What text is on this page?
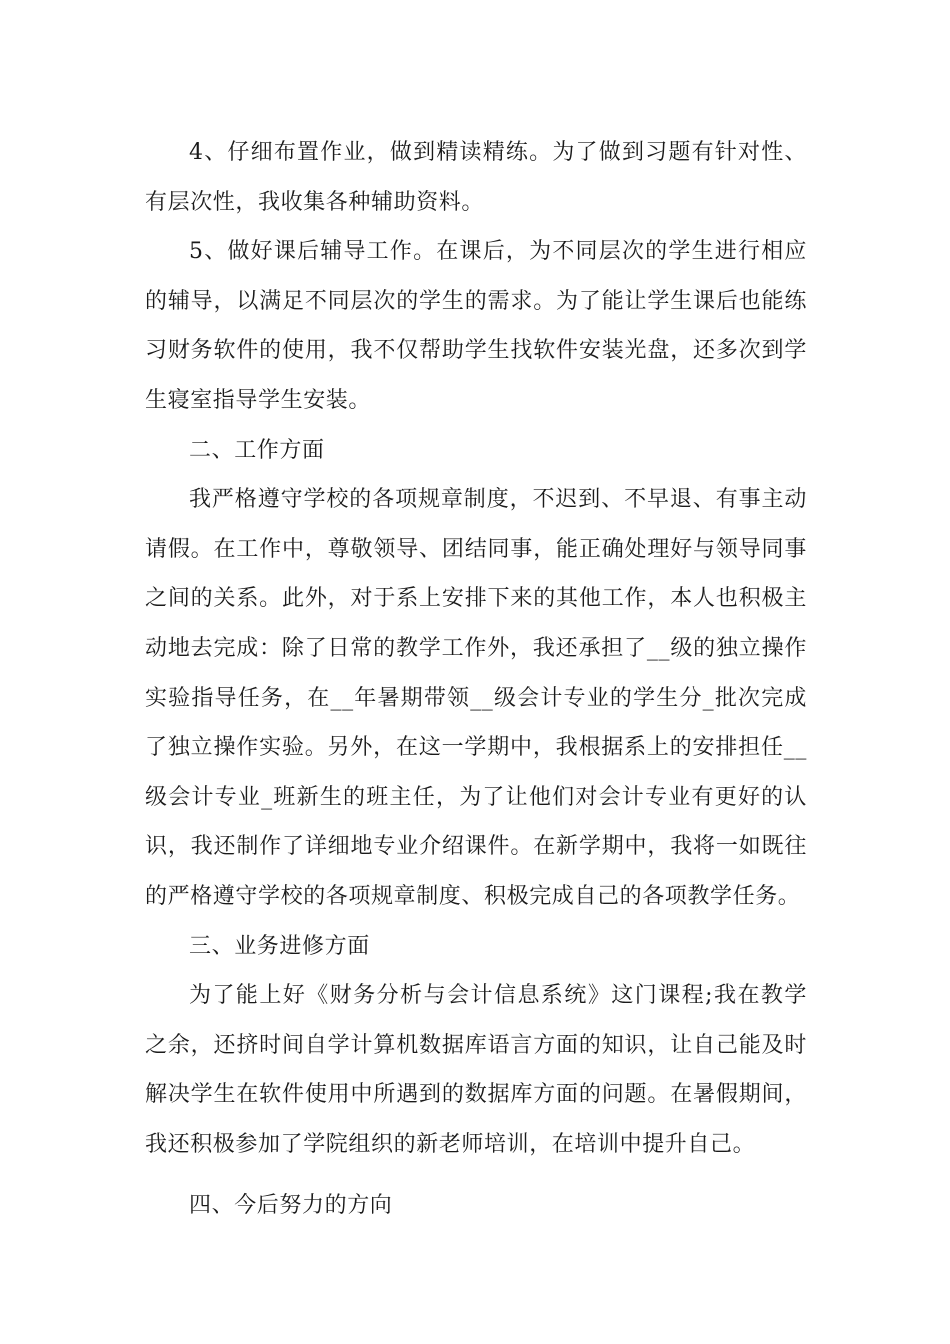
4、仔细布置作业，做到精读精练。为了做到习题有针对性、有层次性，我收集各种辅助资料。

5、做好课后辅导工作。在课后，为不同层次的学生进行相应的辅导，以满足不同层次的学生的需求。为了能让学生课后也能练习财务软件的使用，我不仅帮助学生找软件安装光盘，还多次到学生寝室指导学生安装。

二、工作方面

我严格遵守学校的各项规章制度，不迟到、不早退、有事主动请假。在工作中，尊敬领导、团结同事，能正确处理好与领导同事之间的关系。此外，对于系上安排下来的其他工作，本人也积极主动地去完成：除了日常的教学工作外，我还承担了__级的独立操作实验指导任务，在__年暑期带领__级会计专业的学生分_批次完成了独立操作实验。另外，在这一学期中，我根据系上的安排担任__级会计专业_班新生的班主任，为了让他们对会计专业有更好的认识，我还制作了详细地专业介绍课件。在新学期中，我将一如既往的严格遵守学校的各项规章制度、积极完成自己的各项教学任务。

三、业务进修方面

为了能上好《财务分析与会计信息系统》这门课程;我在教学之余，还挤时间自学计算机数据库语言方面的知识，让自己能及时解决学生在软件使用中所遇到的数据库方面的问题。在暑假期间，我还积极参加了学院组织的新老师培训，在培训中提升自己。

四、今后努力的方向
